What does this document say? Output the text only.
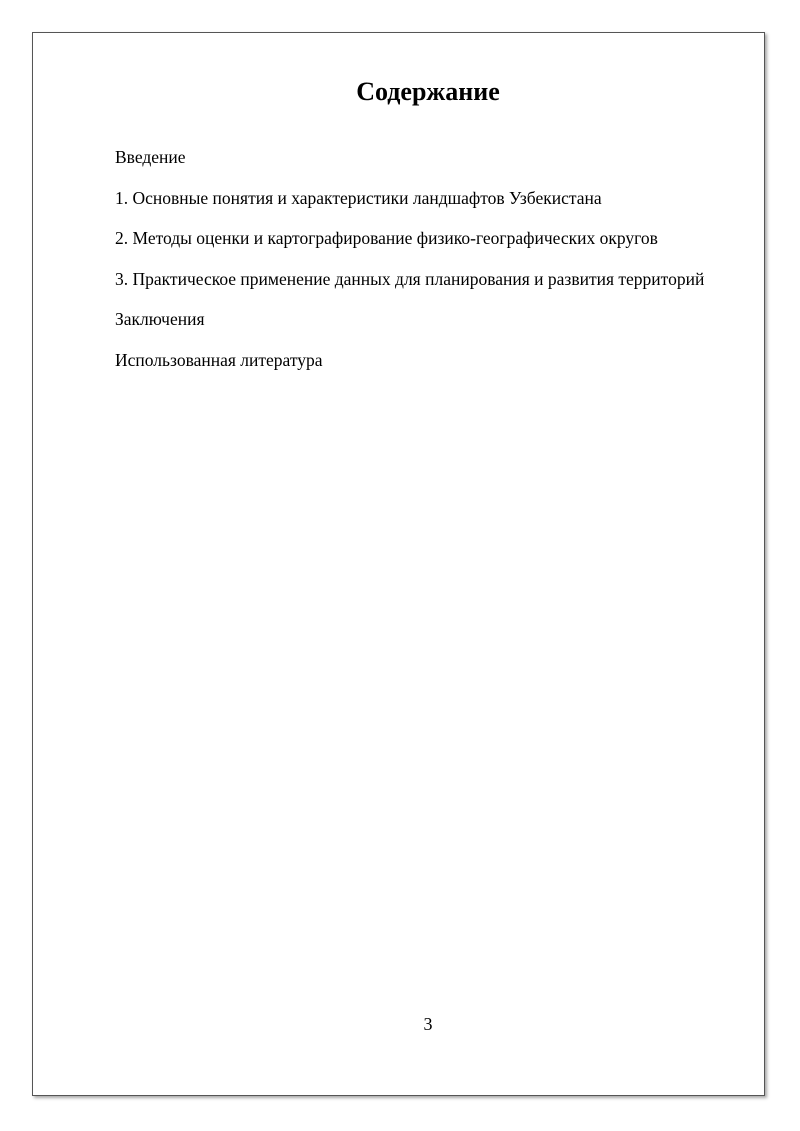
Содержание
Введение
1. Основные понятия и характеристики ландшафтов Узбекистана
2. Методы оценки и картографирование физико-географических округов
3. Практическое применение данных для планирования и развития территорий
Заключения
Использованная литература
3
